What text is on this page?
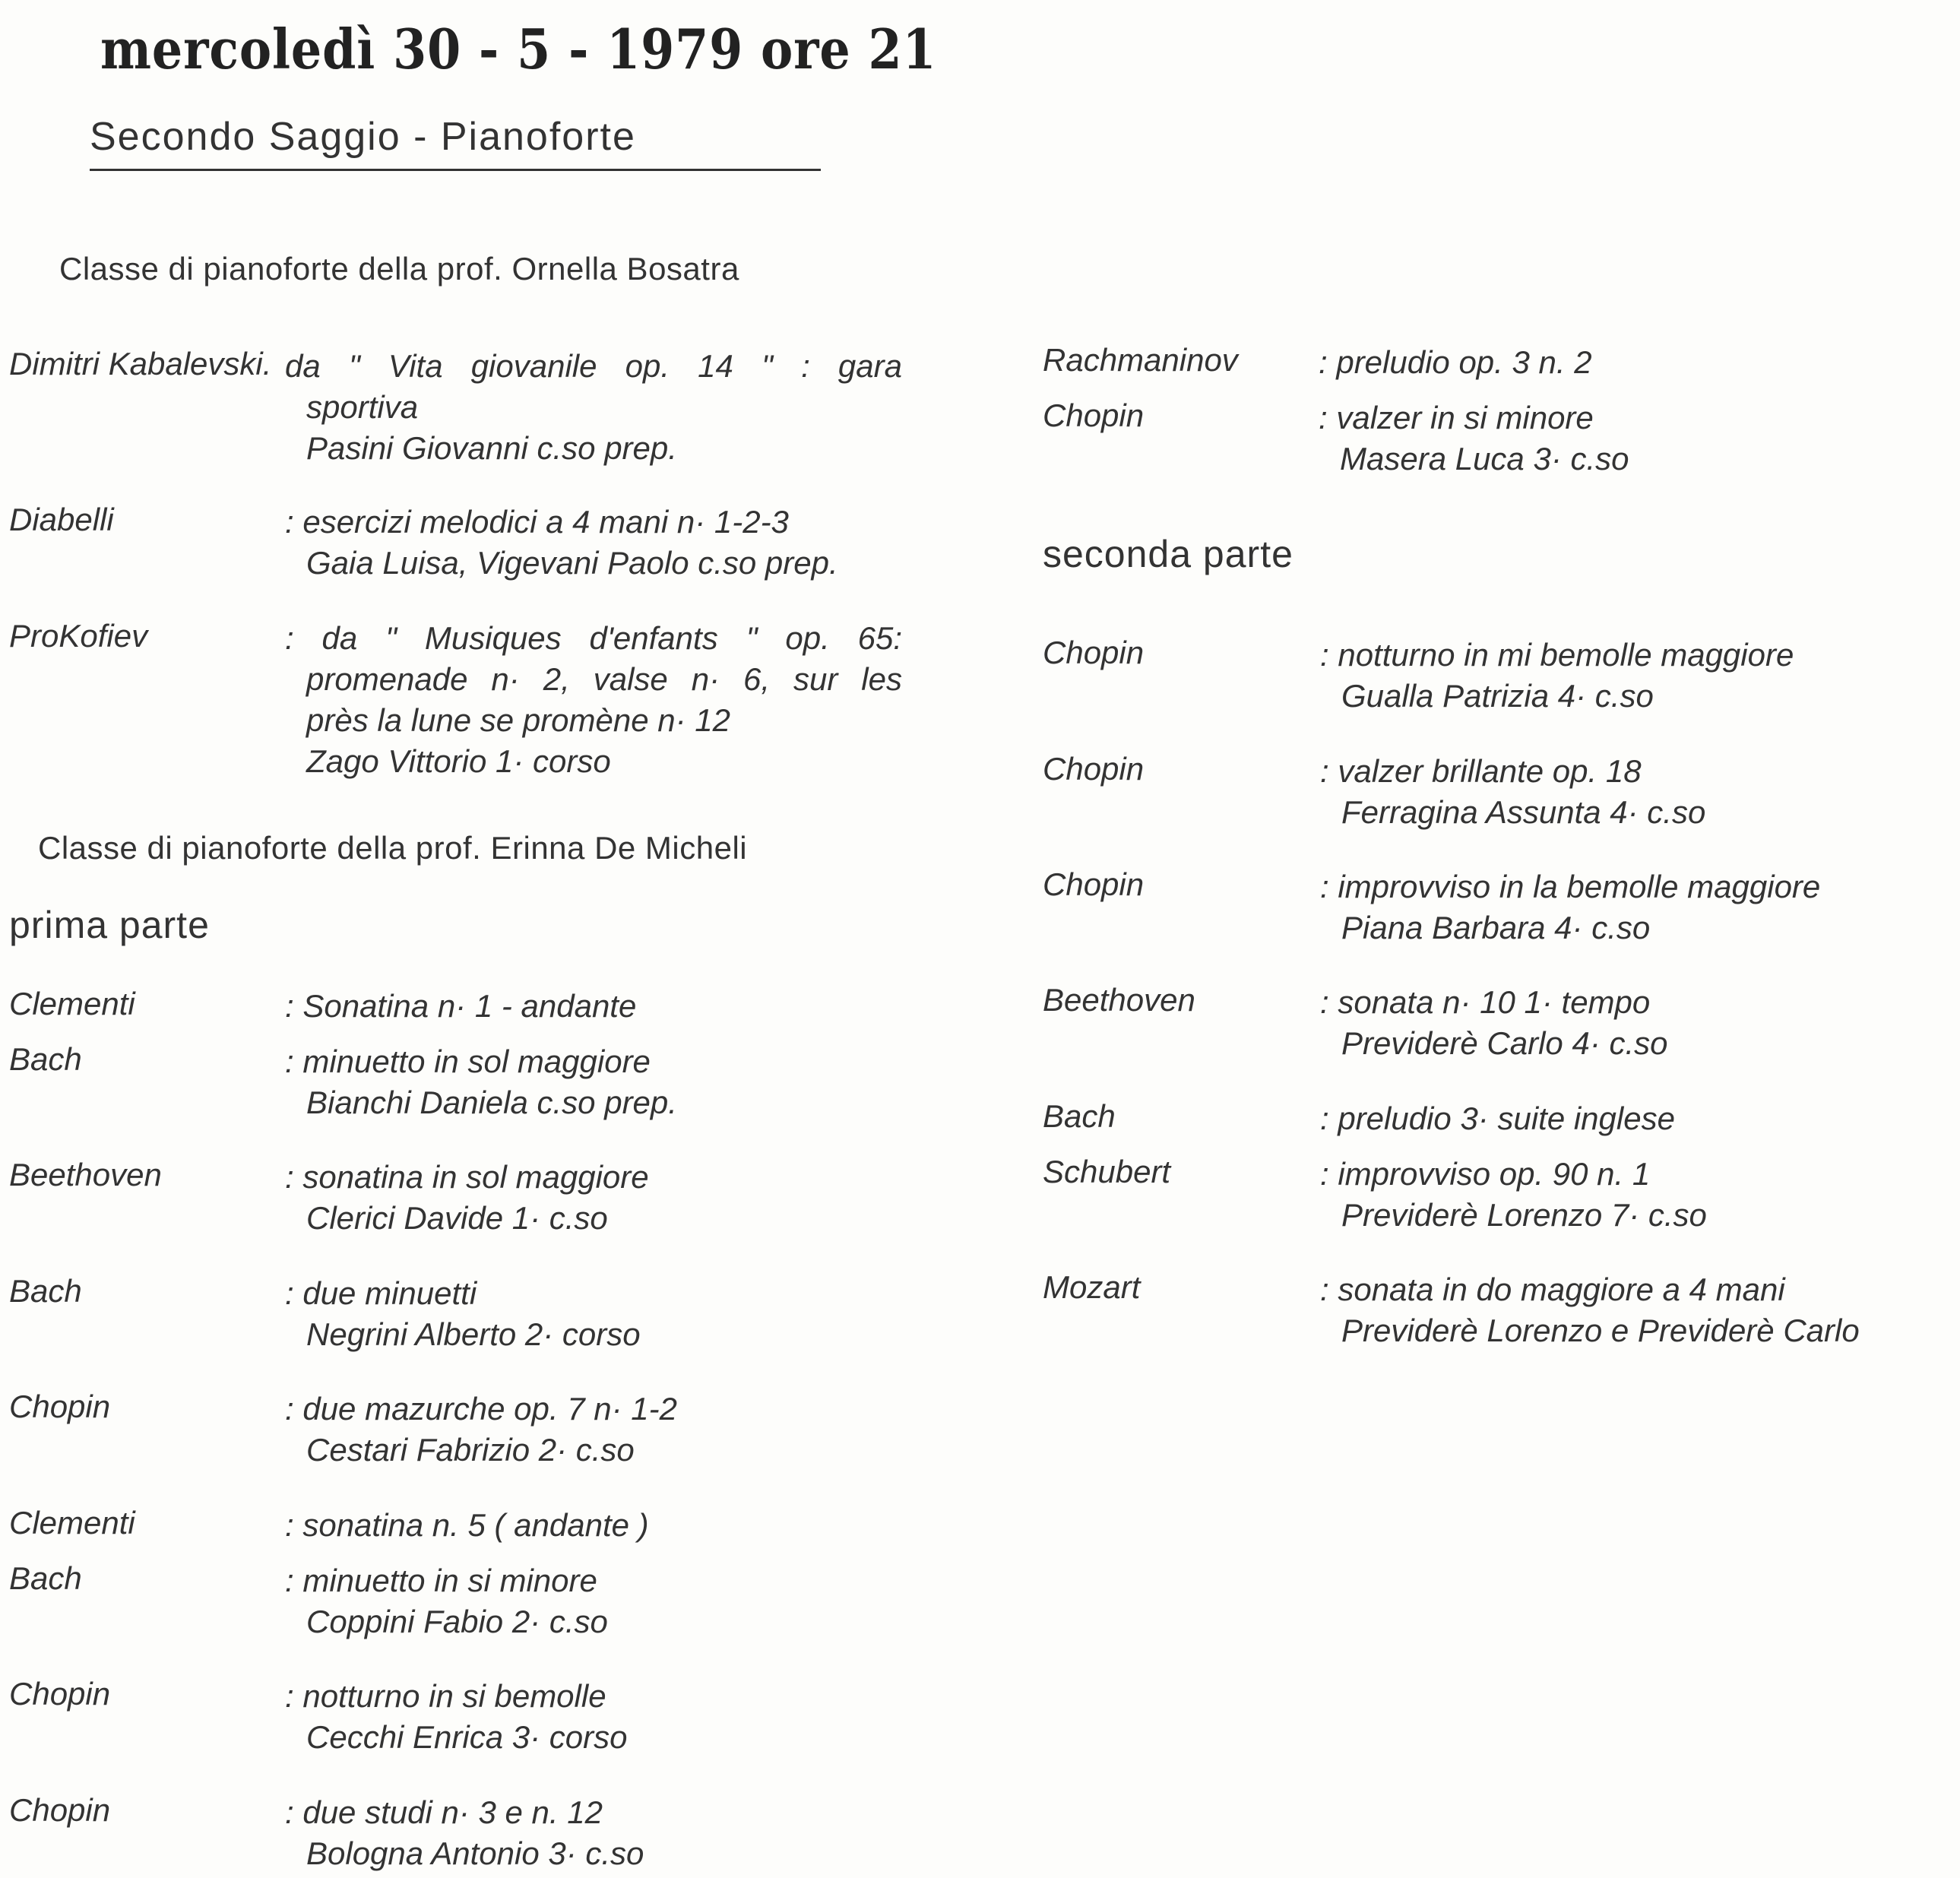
mercoledì 30 - 5 - 1979 ore 21
Secondo Saggio - Pianoforte
Classe di pianoforte della prof. Ornella Bosatra
Classe di pianoforte della prof. Erinna De Micheli
prima parte
seconda parte
Dimitri Kabalevski. da " Vita giovanile op. 14 " : gara
sportiva
Pasini Giovanni c.so prep.
Diabelli	: esercizi melodici a 4 mani n· 1-2-3
Gaia Luisa, Vigevani Paolo c.so prep.
ProKofiev	: da " Musiques d'enfants " op. 65:
promenade n· 2, valse n· 6, sur les
près la lune se promène n· 12
Zago Vittorio 1· corso
Clementi	: Sonatina n· 1 - andante
Bach	: minuetto in sol maggiore
Bianchi Daniela c.so prep.
Beethoven	: sonatina in sol maggiore
Clerici Davide 1· c.so
Bach	: due minuetti
Negrini Alberto 2· corso
Chopin	: due mazurche op. 7 n· 1-2
Cestari Fabrizio 2· c.so
Clementi	: sonatina n. 5 ( andante )
Bach	: minuetto in si minore
Coppini Fabio 2· c.so
Chopin	: notturno in si bemolle
Cecchi Enrica 3· corso
Chopin	: due studi n· 3 e n. 12
Bologna Antonio 3· c.so
Rachmaninov	: preludio op. 3 n. 2
Chopin	: valzer in si minore
Masera Luca 3· c.so
Chopin	: notturno in mi bemolle maggiore
Gualla Patrizia 4· c.so
Chopin	: valzer brillante op. 18
Ferragina Assunta 4· c.so
Chopin	: improvviso in la bemolle maggiore
Piana Barbara 4· c.so
Beethoven	: sonata n· 10 1· tempo
Previderè Carlo 4· c.so
Bach	: preludio 3· suite inglese
Schubert	: improvviso op. 90 n. 1
Previderè Lorenzo 7· c.so
Mozart	: sonata in do maggiore a 4 mani
Previderè Lorenzo e Previderè Carlo
